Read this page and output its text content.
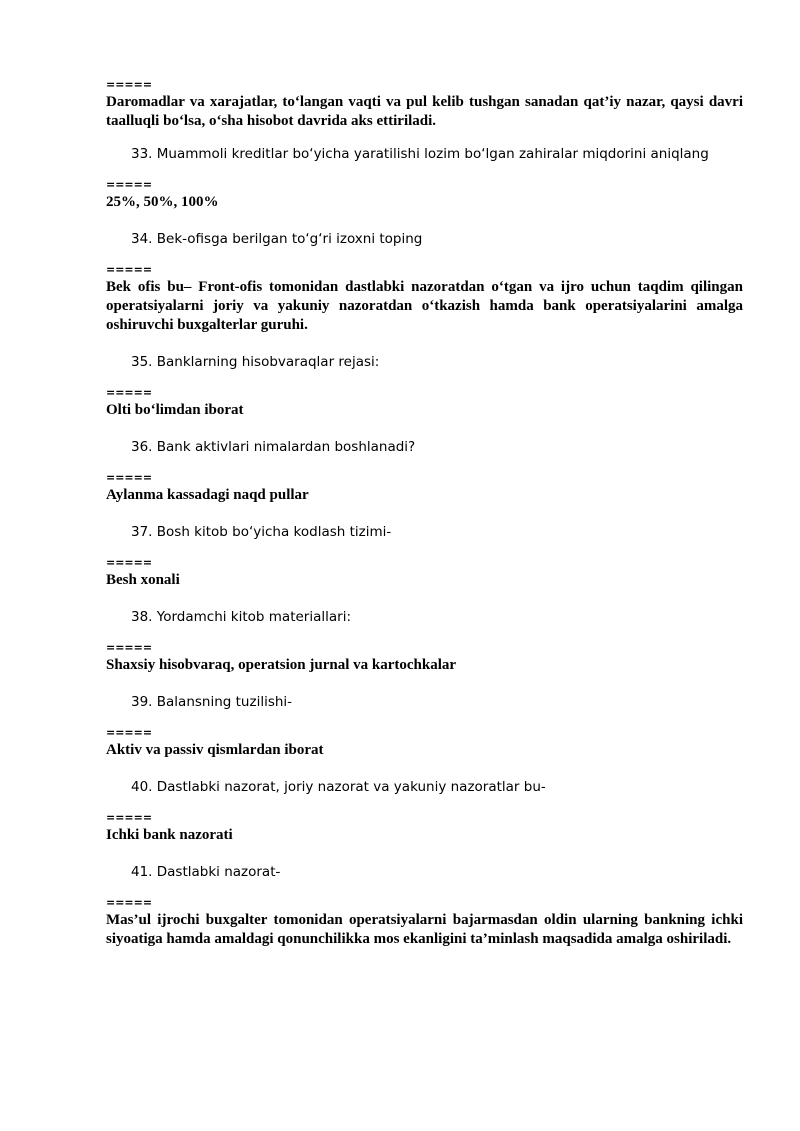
=====
Daromadlar va xarajatlar, to‘langan vaqti va pul kelib tushgan sanadan qat’iy nazar, qaysi davri taalluqli bo‘lsa, o‘sha hisobot davrida aks ettiriladi.
33. Muammoli kreditlar bo‘yicha yaratilishi lozim bo‘lgan zahiralar miqdorini aniqlang
=====
25%, 50%, 100%
34. Bek-ofisga berilgan to‘g‘ri izoxni toping
=====
Bek ofis bu– Front-ofis tomonidan dastlabki nazoratdan o‘tgan va ijro uchun taqdim qilingan operatsiyalarni joriy va yakuniy nazoratdan o‘tkazish hamda bank operatsiyalarini amalga oshiruvchi buxgalterlar guruhi.
35. Banklarning hisobvaraqlar rejasi:
=====
Olti bo‘limdan iborat
36. Bank aktivlari nimalardan boshlanadi?
=====
Aylanma kassadagi naqd pullar
37. Bosh kitob bo‘yicha kodlash tizimi-
=====
Besh xonali
38. Yordamchi kitob materiallari:
=====
Shaxsiy hisobvaraq, operatsion jurnal va kartochkalar
39. Balansning tuzilishi-
=====
Aktiv va passiv qismlardan iborat
40. Dastlabki nazorat, joriy nazorat va yakuniy nazoratlar bu-
=====
Ichki bank nazorati
41. Dastlabki nazorat-
=====
Mas’ul ijrochi buxgalter tomonidan operatsiyalarni bajarmasdan oldin ularning bankning ichki siyoatiga hamda amaldagi qonunchilikka mos ekanligini ta’minlash maqsadida amalga oshiriladi.
